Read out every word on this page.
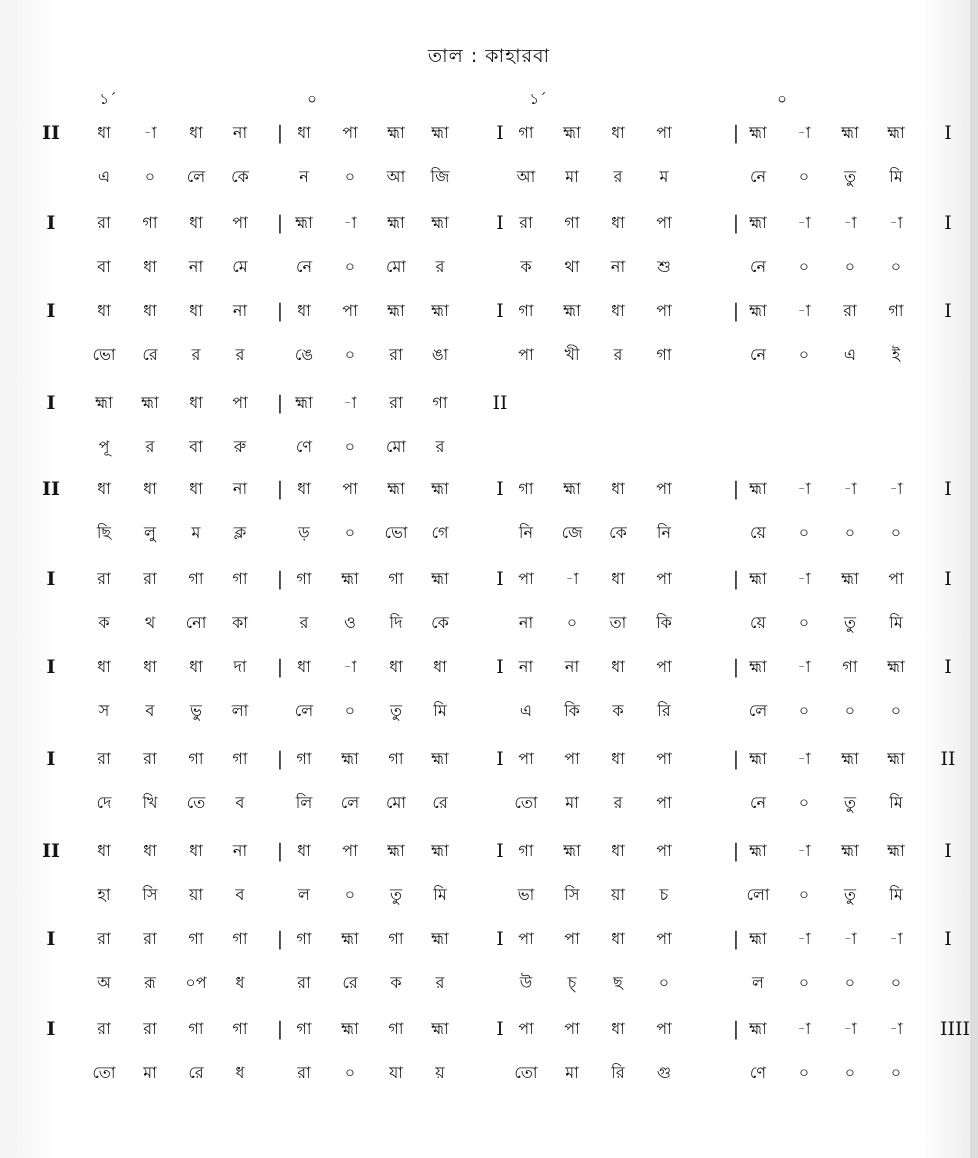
তাল : কাহারবা
১´	০	১´	০
II	ধা	-া	ধা	না	| ধা	পা	হ্মা	হ্মা	I গা	হ্মা	ধা	পা	| হ্মা	-া	হ্মা	হ্মা	I
এ	০	লে	কে	ন	০	আ	জি	আ	মা	র	ম	নে	০	তু	মি
I	রা	গা	ধা	পা	| হ্মা	-া	হ্মা	হ্মা	I রা	গা	ধা	পা	| হ্মা	-া	-া	-া	I
বা	ধা	না	মে	নে	০	মো	র	ক	থা	না	শু	নে	০	০	০
I	ধা	ধা	ধা	না	| ধা	পা	হ্মা	হ্মা	I গা	হ্মা	ধা	পা	| হ্মা	-া	রা	গা	I
ভো	রে	র	র	ঙে	০	রা	ঙা	পা	খী	র	গা	নে	০	এ	ই
I	হ্মা	হ্মা	ধা	পা	| হ্মা	-া	রা	গা	II
পূ	র	বা	রু	ণে	০	মো	র
II	ধা	ধা	ধা	না	| ধা	পা	হ্মা	হ্মা	I গা	হ্মা	ধা	পা	| হ্মা	-া	-া	-া	I
ছি	লু	ম	ক্ল	ড়	০	ভো	গে	নি	জে	কে	নি	য়ে	০	০	০
I	রা	রা	গা	গা	| গা	হ্মা	গা	হ্মা	I পা	-া	ধা	পা	| হ্মা	-া	হ্মা	পা	I
ক	থ	নো	কা	র	ও	দি	কে	না	০	তা	কি	য়ে	০	তু	মি
I	ধা	ধা	ধা	দা	| ধা	-া	ধা	ধা	I না	না	ধা	পা	| হ্মা	-া	গা	হ্মা	I
স	ব	ভু	লা	লে	০	তু	মি	এ	কি	ক	রি	লে	০	০	০
I	রা	রা	গা	গা	| গা	হ্মা	গা	হ্মা	I পা	পা	ধা	পা	| হ্মা	-া	হ্মা	হ্মা	II
দে	খি	তে	ব	লি	লে	মো	রে	তো	মা	র	পা	নে	০	তু	মি
II	ধা	ধা	ধা	না	| ধা	পা	হ্মা	হ্মা	I গা	হ্মা	ধা	পা	| হ্মা	-া	হ্মা	হ্মা	I
হা	সি	য়া	ব	ল	০	তু	মি	ভা	সি	য়া	চ	লো	০	তু	মি
I	রা	রা	গা	গা	| গা	হ্মা	গা	হ্মা	I পা	পা	ধা	পা	| হ্মা	-া	-া	-া	I
অ	রূ	০প	ধ	রা	রে	ক	র	উ	চ্	ছ	০	ল	০	০	০
I	রা	রা	গা	গা	| গা	হ্মা	গা	হ্মা	I পা	পা	ধা	পা	| হ্মা	-া	-া	-া	IIII
তো	মা	রে	ধ	রা	০	যা	য়	তো	মা	রি	গু	ণে	০	০	০
